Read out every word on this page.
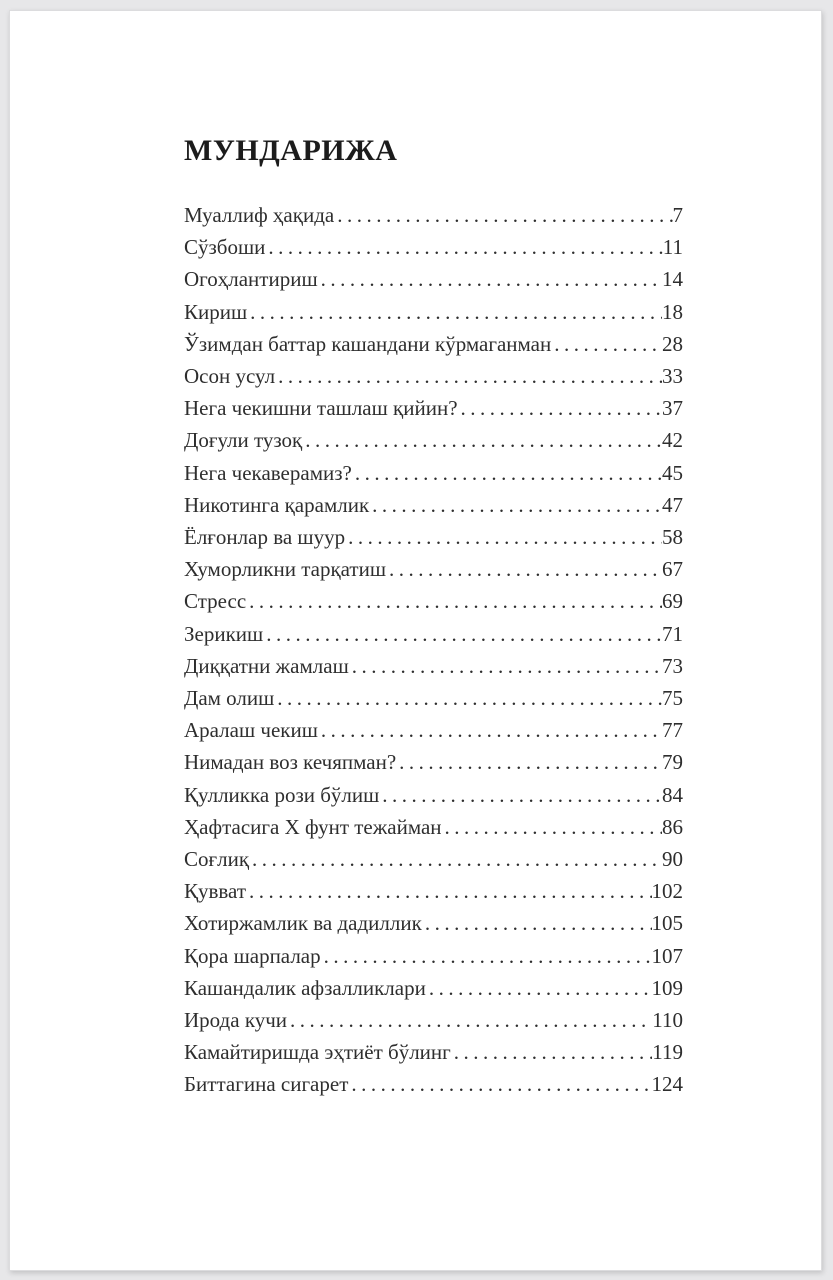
МУНДАРИЖА
Муаллиф ҳақида .....	7
Сўзбоши .....	11
Огоҳлантириш .....	14
Кириш .....	18
Ўзимдан баттар кашандани кўрмаганман .....	28
Осон усул .....	33
Нега чекишни ташлаш қийин? .....	37
Доғули тузоқ .....	42
Нега чекаверамиз? .....	45
Никотинга қарамлик .....	47
Ёлғонлар ва шуур .....	58
Хуморликни тарқатиш .....	67
Стресс .....	69
Зерикиш .....	71
Диққатни жамлаш .....	73
Дам олиш .....	75
Аралаш чекиш .....	77
Нимадан воз кечяпман? .....	79
Қулликка рози бўлиш .....	84
Ҳафтасига Х фунт тежайман .....	86
Соғлиқ .....	90
Қувват .....	102
Хотиржамлик ва дадиллик .....	105
Қора шарпалар .....	107
Кашандалик афзалликлари .....	109
Ирода кучи .....	110
Камайтиришда эҳтиёт бўлинг .....	119
Биттагина сигарет .....	124
